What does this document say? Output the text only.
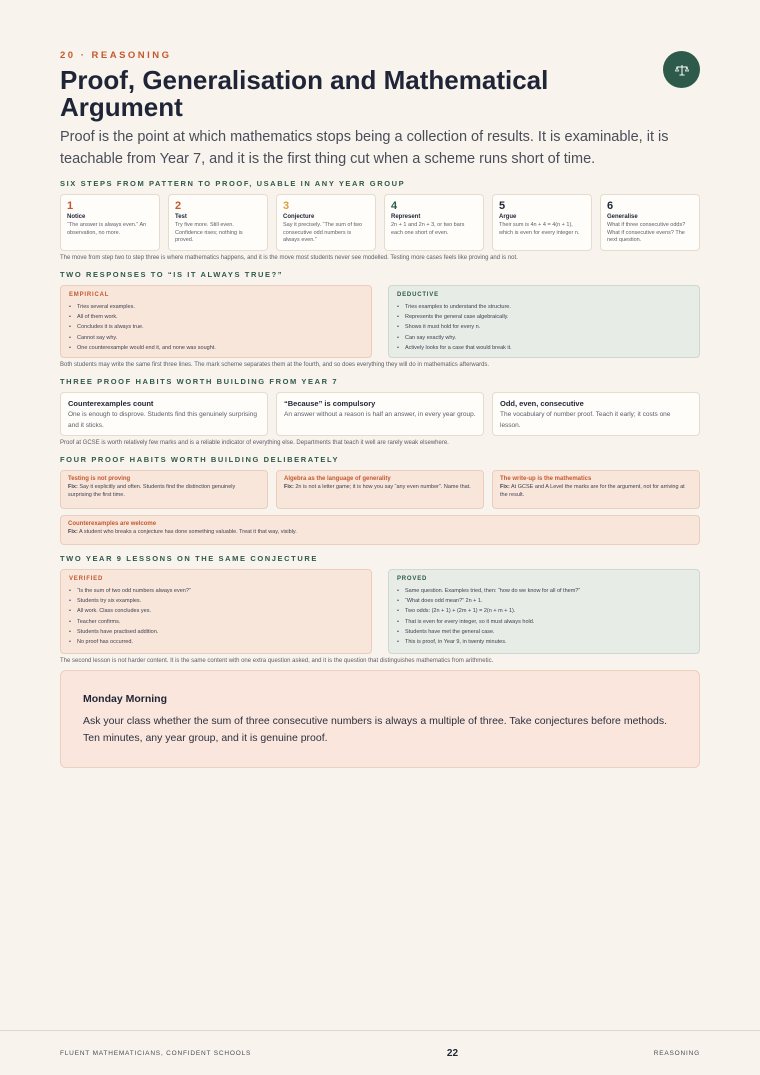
20 · REASONING
Proof, Generalisation and Mathematical Argument

Proof is the point at which mathematics stops being a collection of results. It is examinable, it is teachable from Year 7, and it is the first thing cut when a scheme runs short of time.

SIX STEPS FROM PATTERN TO PROOF, USABLE IN ANY YEAR GROUP
1
Notice
“The answer is always even.” An observation, no more.
2
Test
Try five more. Still even. Confidence rises; nothing is proved.
3
Conjecture
Say it precisely. “The sum of two consecutive odd numbers is always even.”
4
Represent
2n + 1 and 2n + 3, or two bars each one short of even.
5
Argue
Their sum is 4n + 4 = 4(n + 1), which is even for every integer n.
6
Generalise
What if three consecutive odds? What if consecutive evens? The next question.
The move from step two to step three is where mathematics happens, and it is the move most students never see modelled. Testing more cases feels like proving and is not.
TWO RESPONSES TO “IS IT ALWAYS TRUE?”
EMPIRICAL
• Tries several examples.
• All of them work.
• Concludes it is always true.
• Cannot say why.
• One counterexample would end it, and none was sought.
DEDUCTIVE
• Tries examples to understand the structure.
• Represents the general case algebraically.
• Shows it must hold for every n.
• Can say exactly why.
• Actively looks for a case that would break it.
Both students may write the same first three lines. The mark scheme separates them at the fourth, and so does everything they will do in mathematics afterwards.
THREE PROOF HABITS WORTH BUILDING FROM YEAR 7
Counterexamples count
One is enough to disprove. Students find this genuinely surprising and it sticks.
“Because” is compulsory
An answer without a reason is half an answer, in every year group.
Odd, even, consecutive
The vocabulary of number proof. Teach it early; it costs one lesson.
Proof at GCSE is worth relatively few marks and is a reliable indicator of everything else. Departments that teach it well are rarely weak elsewhere.
FOUR PROOF HABITS WORTH BUILDING DELIBERATELY
Testing is not proving
Fix: Say it explicitly and often. Students find the distinction genuinely surprising the first time.
Algebra as the language of generality
Fix: 2n is not a letter game; it is how you say “any even number”. Name that.
The write-up is the mathematics
Fix: At GCSE and A Level the marks are for the argument, not for arriving at the result.
Counterexamples are welcome
Fix: A student who breaks a conjecture has done something valuable. Treat it that way, visibly.
TWO YEAR 9 LESSONS ON THE SAME CONJECTURE
VERIFIED
• “Is the sum of two odd numbers always even?”
• Students try six examples.
• All work. Class concludes yes.
• Teacher confirms.
• Students have practised addition.
• No proof has occurred.
PROVED
• Same question. Examples tried, then: “how do we know for all of them?”
• “What does odd mean?” 2n + 1.
• Two odds: (2n + 1) + (2m + 1) = 2(n + m + 1).
• That is even for every integer, so it must always hold.
• Students have met the general case.
• This is proof, in Year 9, in twenty minutes.
The second lesson is not harder content. It is the same content with one extra question asked, and it is the question that distinguishes mathematics from arithmetic.
Monday Morning
Ask your class whether the sum of three consecutive numbers is always a multiple of three. Take conjectures before methods. Ten minutes, any year group, and it is genuine proof.
FLUENT MATHEMATICIANS, CONFIDENT SCHOOLS	22	REASONING
